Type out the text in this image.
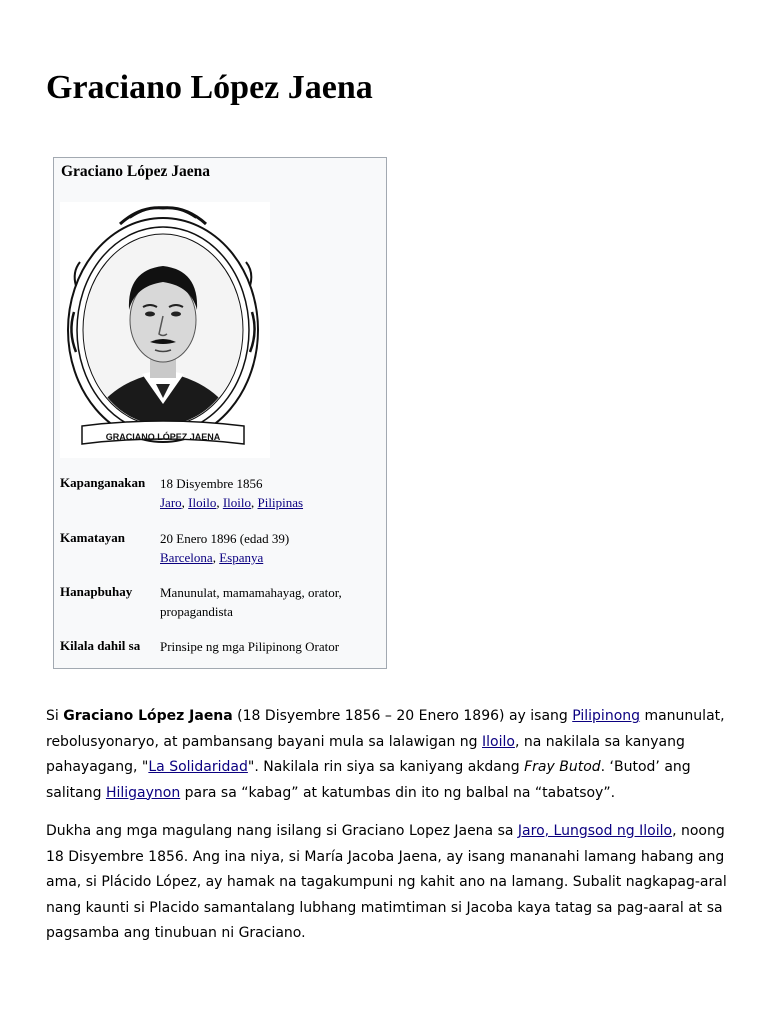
Graciano López Jaena
Graciano López Jaena
GRACIANO LÓPEZ JAENA
Kapanganakan 18 Disyembre 1856
Jaro, Iloilo, Iloilo, Pilipinas
Kamatayan	20 Enero 1896 (edad 39)
Barcelona, Espanya
Hanapbuhay Manunulat, mamamahayag, orator, propagandista
Kilala dahil sa Prinsipe ng mga Pilipinong Orator

Si Graciano López Jaena (18 Disyembre 1856 – 20 Enero 1896) ay isang Pilipinong manunulat, rebolusyonaryo, at pambansang bayani mula sa lalawigan ng Iloilo, na nakilala sa kanyang pahayagang, "La Solidaridad". Nakilala rin siya sa kaniyang akdang Fray Butod. ‘Butod’ ang salitang Hiligaynon para sa “kabag” at katumbas din ito ng balbal na “tabatsoy”.

Dukha ang mga magulang nang isilang si Graciano Lopez Jaena sa Jaro, Lungsod ng Iloilo, noong 18 Disyembre 1856. Ang ina niya, si María Jacoba Jaena, ay isang mananahi lamang habang ang ama, si Plácido López, ay hamak na tagakumpuni ng kahit ano na lamang. Subalit nagkapag-aral nang kaunti si Placido samantalang lubhang matimtiman si Jacoba kaya tatag sa pag-aaral at sa pagsamba ang tinubuan ni Graciano.
